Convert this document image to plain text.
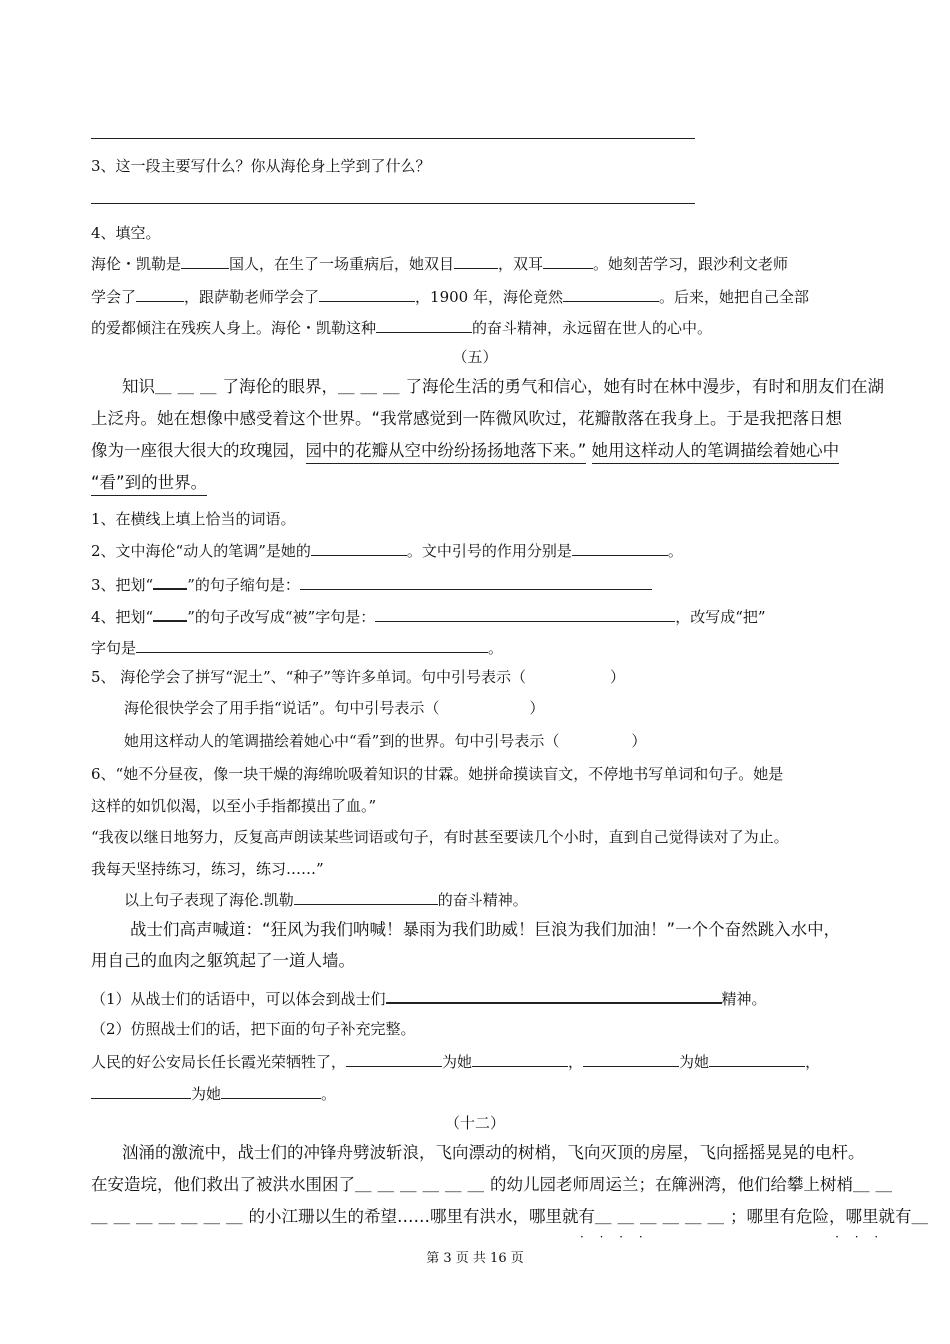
3、这一段主要写什么？你从海伦身上学到了什么？
4、填空。
海伦・凯勒是	国人，在生了一场重病后，她双目	，双耳	。她刻苦学习，跟沙利文老师
学会了	，跟萨勒老师学会了	，1900 年，海伦竟然	。后来，她把自己全部
的爱都倾注在残疾人身上。海伦・凯勒这种	的奋斗精神，永远留在世人的心中。
（五）
知识＿＿＿了海伦的眼界，＿＿＿了海伦生活的勇气和信心，她有时在林中漫步，有时和朋友们在湖
上泛舟。她在想像中感受着这个世界。“我常感觉到一阵微风吹过，花瓣散落在我身上。于是我把落日想
像为一座很大很大的玫瑰园，园中的花瓣从空中纷纷扬扬地落下来。” 她用这样动人的笔调描绘着她心中
“看”到的世界。
1、在横线上填上恰当的词语。
2、文中海伦“动人的笔调”是她的	。文中引号的作用分别是	。
3、把划“ ”的句子缩句是：
4、把划“ ”的句子改写成“被”字句是：	，改写成“把”
字句是	。
5、 海伦学会了拼写“泥土”、“种子”等许多单词。句中引号表示（	）
海伦很快学会了用手指“说话”。句中引号表示（	）
她用这样动人的笔调描绘着她心中“看”到的世界。句中引号表示（	）
6、“她不分昼夜，像一块干燥的海绵吮吸着知识的甘霖。她拼命摸读盲文，不停地书写单词和句子。她是
这样的如饥似渴，以至小手指都摸出了血。”
“我夜以继日地努力，反复高声朗读某些词语或句子，有时甚至要读几个小时，直到自己觉得读对了为止。
我每天坚持练习，练习，练习……”
以上句子表现了海伦.凯勒	的奋斗精神。
战士们高声喊道：“狂风为我们呐喊！暴雨为我们助威！巨浪为我们加油！”一个个奋然跳入水中，
用自己的血肉之躯筑起了一道人墙。
（1）从战士们的话语中，可以体会到战士们	精神。
（2）仿照战士们的话，把下面的句子补充完整。
人民的好公安局长任长霞光荣牺牲了，	为她	，	为她	，
为她	。
（十二）
汹涌的激流中，战士们的冲锋舟劈波斩浪，飞向漂动的树梢，飞向灭顶的房屋，飞向摇摇晃晃的电杆。
在安造垸，他们救出了被洪水围困了＿＿＿＿＿＿的幼儿园老师周运兰；在簰洲湾，他们给攀上树梢＿＿
＿＿＿＿＿＿＿的小江珊以生的希望……哪里有洪水，哪里就有＿＿＿＿＿＿；哪里有危险，哪里就有＿
· · · ·                   · · ·
第 3 页 共 16 页
